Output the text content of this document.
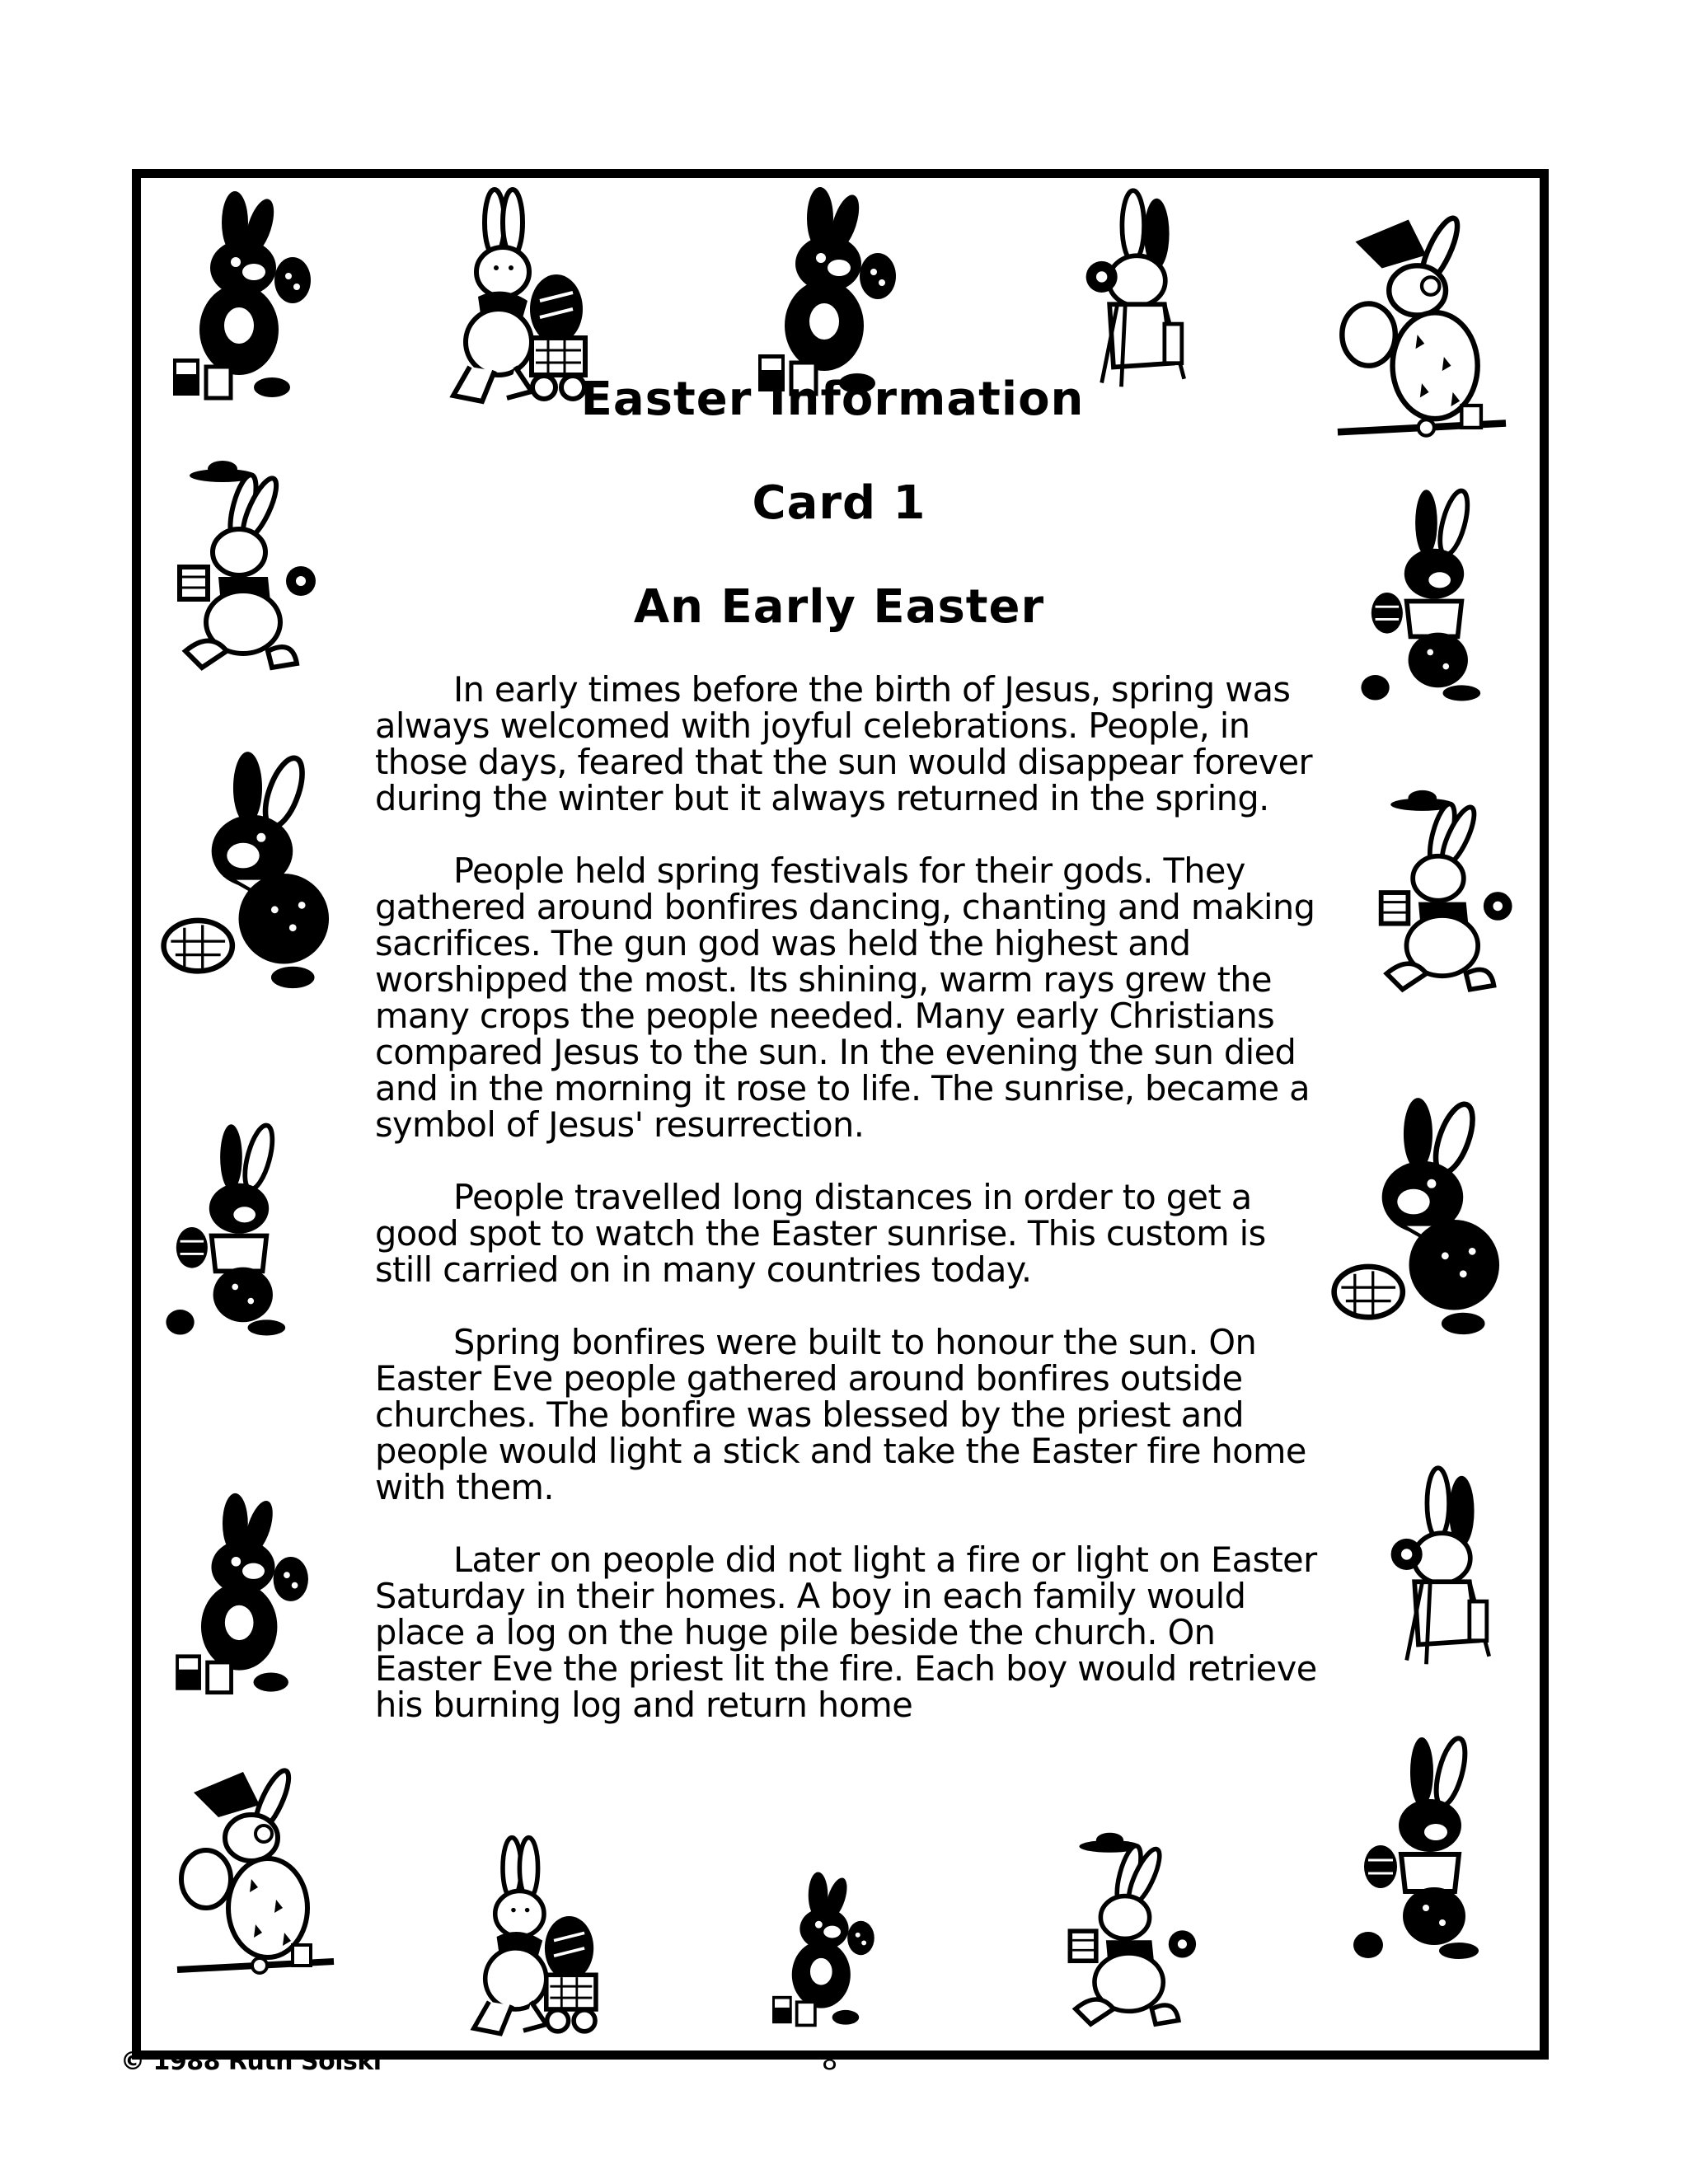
Easter Information
Card 1
An Early Easter

In early times before the birth of Jesus, spring was always welcomed with joyful celebrations. People, in those days, feared that the sun would disappear forever during the winter but it always returned in the spring.

People held spring festivals for their gods. They gathered around bonfires dancing, chanting and making sacrifices. The gun god was held the highest and worshipped the most. Its shining, warm rays grew the many crops the people needed. Many early Christians compared Jesus to the sun. In the evening the sun died and in the morning it rose to life. The sunrise, became a symbol of Jesus' resurrection.

People travelled long distances in order to get a good spot to watch the Easter sunrise. This custom is still carried on in many countries today.

Spring bonfires were built to honour the sun. On Easter Eve people gathered around bonfires outside churches. The bonfire was blessed by the priest and people would light a stick and take the Easter fire home with them.

Later on people did not light a fire or light on Easter Saturday in their homes. A boy in each family would place a log on the huge pile beside the church. On Easter Eve the priest lit the fire. Each boy would retrieve his burning log and return home

© 1988 Ruth Solski	8
